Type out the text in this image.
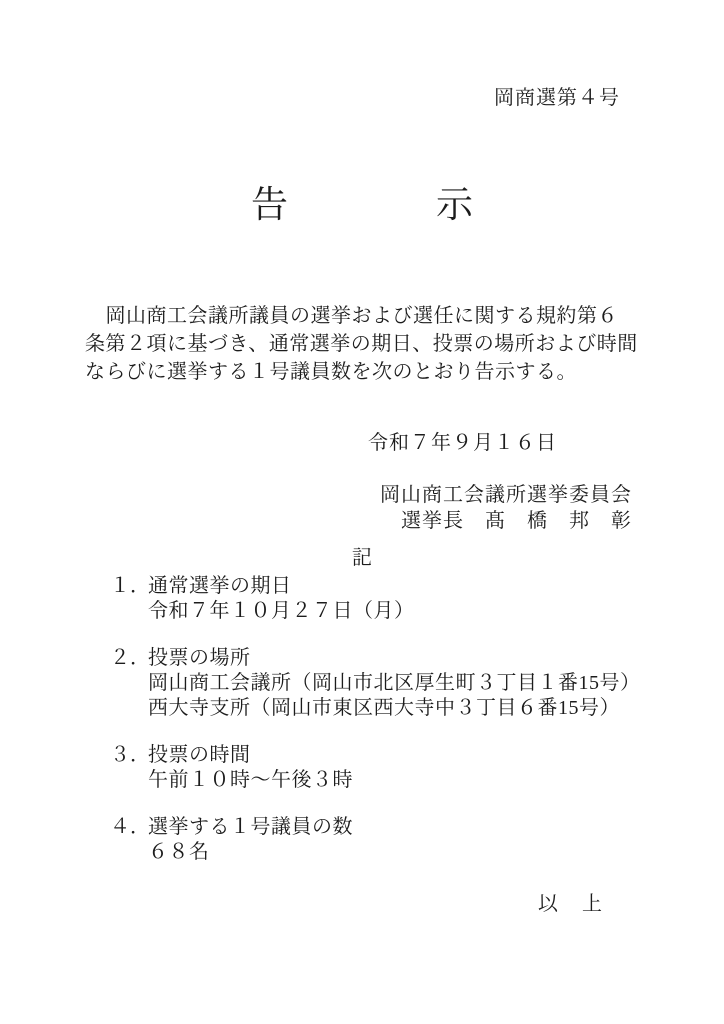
岡商選第４号
告　　　　示
　岡山商工会議所議員の選挙および選任に関する規約第６
条第２項に基づき、通常選挙の期日、投票の場所および時間
ならびに選挙する１号議員数を次のとおり告示する。
令和７年９月１６日
岡山商工会議所選挙委員会
選挙長　髙　橋　邦　彰
記
１．
通常選挙の期日
令和７年１０月２７日（月）
２．
投票の場所
岡山商工会議所（岡山市北区厚生町３丁目１番15号）
西大寺支所（岡山市東区西大寺中３丁目６番15号）
３．
投票の時間
午前１０時～午後３時
４．
選挙する１号議員の数
６８名
以　上
